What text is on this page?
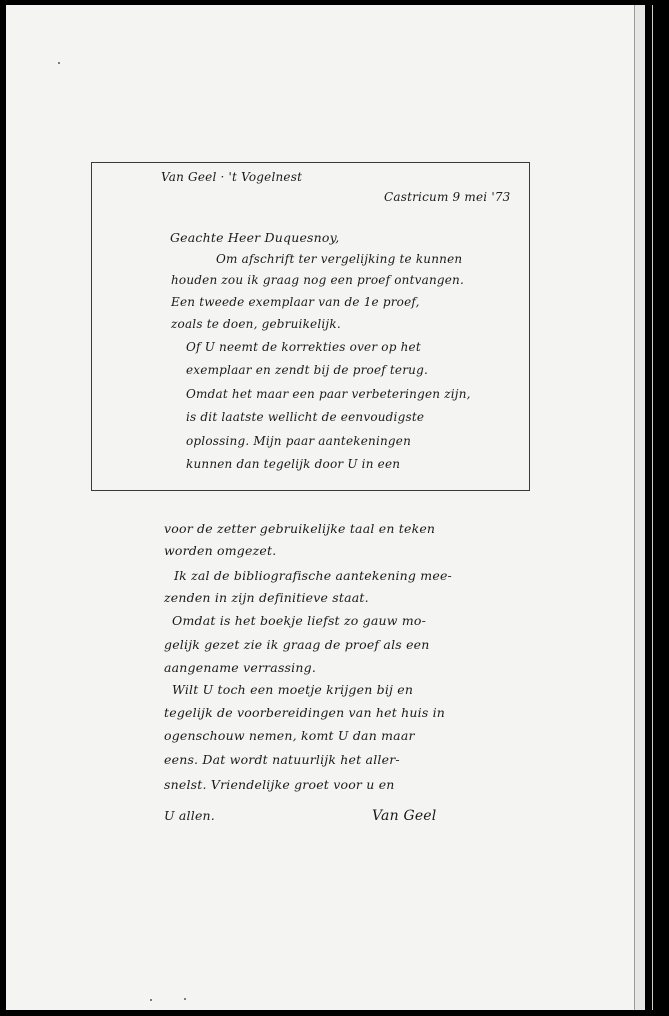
Van Geel · 't Vogelnest
Castricum 9 mei '73
Geachte Heer Duquesnoy,
Om afschrift ter vergelijking te kunnen
houden zou ik graag nog een proef ontvangen.
Een tweede exemplaar van de 1e proef,
zoals te doen, gebruikelijk.
Of U neemt de korrekties over op het
exemplaar en zendt bij de proef terug.
Omdat het maar een paar verbeteringen zijn,
is dit laatste wellicht de eenvoudigste
oplossing. Mijn paar aantekeningen
kunnen dan tegelijk door U in een
voor de zetter gebruikelijke taal en teken
worden omgezet.
Ik zal de bibliografische aantekening mee-
zenden in zijn definitieve staat.
Omdat is het boekje liefst zo gauw mo-
gelijk gezet zie ik graag de proef als een
aangename verrassing.
Wilt U toch een moetje krijgen bij en
tegelijk de voorbereidingen van het huis in
ogenschouw nemen, komt U dan maar
eens. Dat wordt natuurlijk het aller-
snelst. Vriendelijke groet voor u en
U allen.	Van Geel
